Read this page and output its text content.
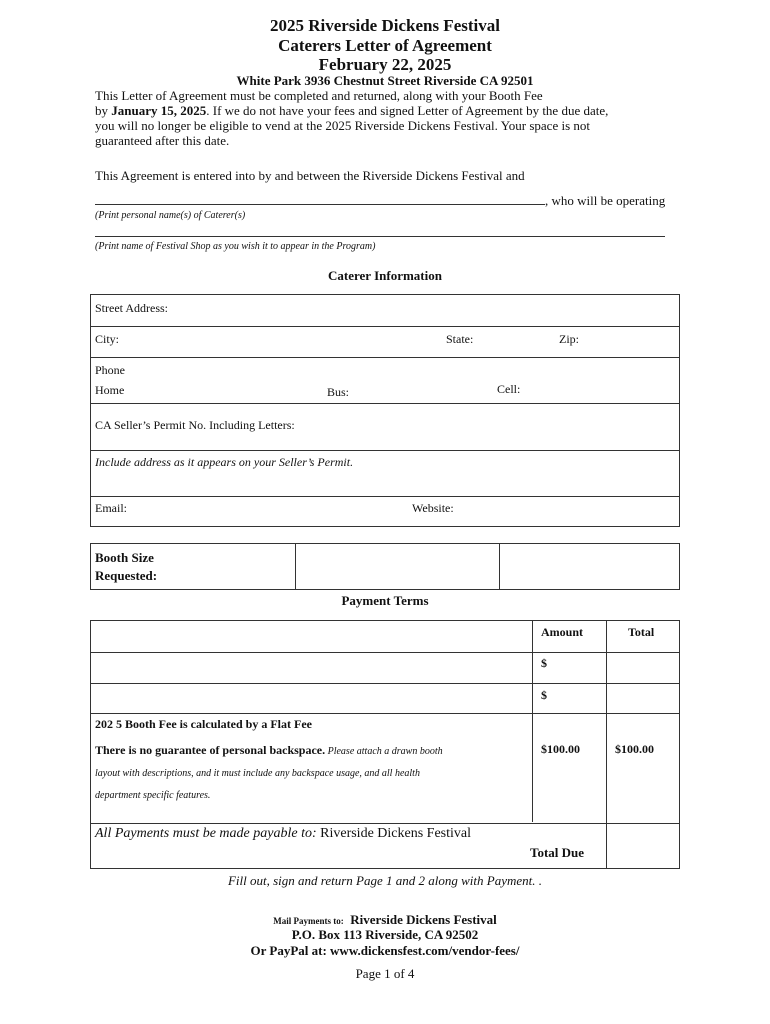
2025 Riverside Dickens Festival
Caterers Letter of Agreement
February 22, 2025
White Park 3936 Chestnut Street Riverside CA 92501
This Letter of Agreement must be completed and returned, along with your Booth Fee
by January 15, 2025. If we do not have your fees and signed Letter of Agreement by the due date,
you will no longer be eligible to vend at the 2025 Riverside Dickens Festival. Your space is not
guaranteed after this date.
This Agreement is entered into by and between the Riverside Dickens Festival and
, who will be operating
(Print personal name(s) of Caterer(s)
(Print name of Festival Shop as you wish it to appear in the Program)
Caterer Information
Street Address:
City:	State:	Zip:
Phone
Home	Bus:	Cell:
CA Seller’s Permit No. Including Letters:
Include address as it appears on your Seller’s Permit.
Email:	Website:
Booth Size
Requested:
Payment Terms
Amount	Total
$
$
202 5 Booth Fee is calculated by a Flat Fee
There is no guarantee of personal backspace. Please attach a drawn booth
layout with descriptions, and it must include any backspace usage, and all health
department specific features.
$100.00	$100.00
All Payments must be made payable to: Riverside Dickens Festival
Total Due
Fill out, sign and return Page 1 and 2 along with Payment. .
Mail Payments to: Riverside Dickens Festival
P.O. Box 113 Riverside, CA 92502
Or PayPal at: www.dickensfest.com/vendor-fees/
Page 1 of 4
